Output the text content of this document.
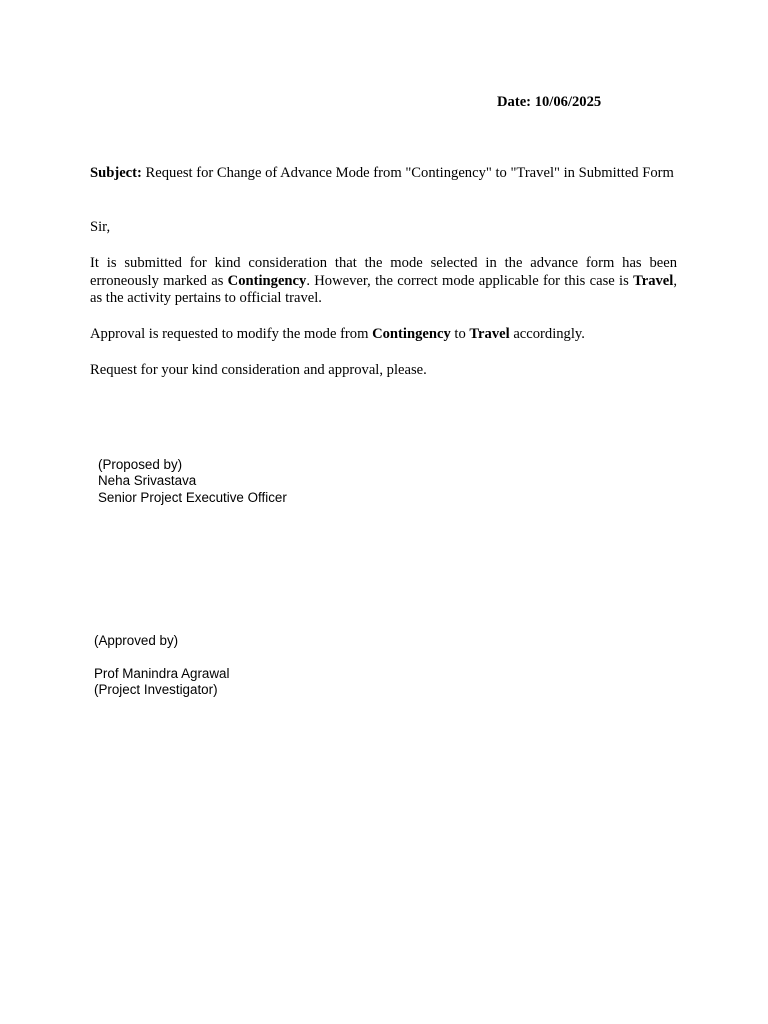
Date: 10/06/2025

Subject: Request for Change of Advance Mode from "Contingency" to "Travel" in Submitted Form

Sir,

It is submitted for kind consideration that the mode selected in the advance form has been erroneously marked as Contingency. However, the correct mode applicable for this case is Travel, as the activity pertains to official travel.

Approval is requested to modify the mode from Contingency to Travel accordingly.

Request for your kind consideration and approval, please.

(Proposed by)
Neha Srivastava
Senior Project Executive Officer
(Approved by)
Prof Manindra Agrawal
(Project Investigator)
